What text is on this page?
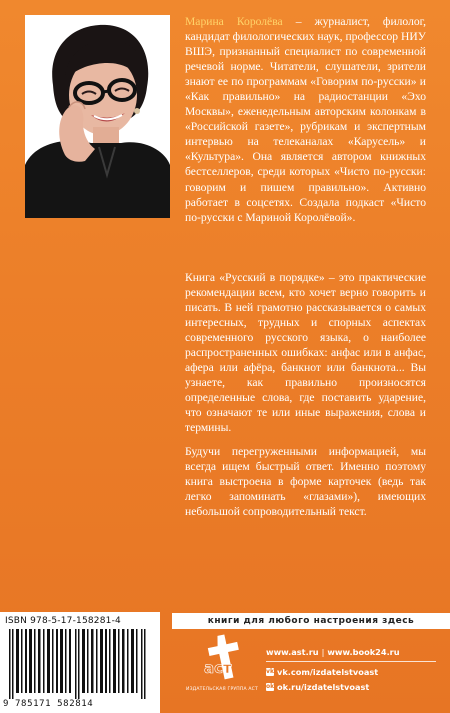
Марина Королёва – журналист, филолог, кандидат филологических наук, профессор НИУ ВШЭ, признанный специалист по современной речевой норме. Читатели, слушатели, зрители знают ее по программам «Говорим по-русски» и «Как правильно» на радиостанции «Эхо Москвы», еженедельным авторским колонкам в «Российской газете», рубрикам и экспертным интервью на телеканалах «Карусель» и «Культура». Она является автором книжных бестселлеров, среди которых «Чисто по-русски: говорим и пишем правильно». Активно работает в соцсетях. Создала подкаст «Чисто по-русски с Мариной Королёвой».

Книга «Русский в порядке» – это практические рекомендации всем, кто хочет верно говорить и писать. В ней грамотно рассказывается о самых интересных, трудных и спорных аспектах современного русского языка, о наиболее распространенных ошибках: анфас или в анфас, афера или афёра, банкнот или банкнота... Вы узнаете, как правильно произносятся определенные слова, где поставить ударение, что означают те или иные выражения, слова и термины.

Будучи перегруженными информацией, мы всегда ищем быстрый ответ. Именно поэтому книга выстроена в форме карточек (ведь так легко запоминать «глазами»), имеющих небольшой сопроводительный текст.

ISBN 978-5-17-158281-4
9 785171 582814
книги для любого настроения здесь
аст
ИЗДАТЕЛЬСКАЯ ГРУППА АСТ
www.ast.ru | www.book24.ru
vk vk.com/izdatelstvoast
ok ok.ru/izdatelstvoast
